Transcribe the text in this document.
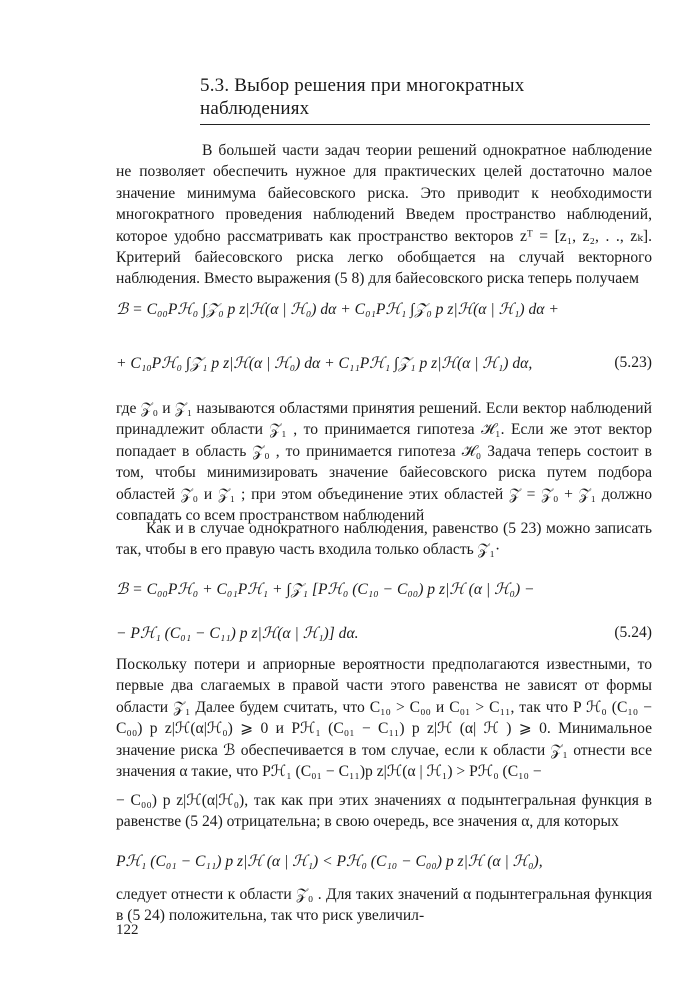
5.3. Выбор решения при многократных наблюдениях

В большей части задач теории решений однократное наблюдение не позволяет обеспечить нужное для практических целей достаточно малое значение минимума байесовского риска. Это приводит к необходимости многократного проведения наблюдений Введем пространство наблюдений, которое удобно рассматривать как пространство векторов zᵀ = [z₁, z₂, . ., zₖ]. Критерий байесовского риска легко обобщается на случай векторного наблюдения. Вместо выражения (5 8) для байесовского риска теперь получаем

ℬ = C₀₀Pℋ₀ ∫𝒵₀ p z|ℋ(α | ℋ₀) dα + C₀₁Pℋ₁ ∫𝒵₀ p z|ℋ(α | ℋ₁) dα +
+ C₁₀Pℋ₀ ∫𝒵₁ p z|ℋ(α | ℋ₀) dα + C₁₁Pℋ₁ ∫𝒵₁ p z|ℋ(α | ℋ₁) dα,	(5.23)

где 𝒵₀ и 𝒵₁ называются областями принятия решений. Если вектор наблюдений принадлежит области 𝒵₁ , то принимается гипотеза ℋ₁. Если же этот вектор попадает в область 𝒵₀ , то принимается гипотеза ℋ₀ Задача теперь состоит в том, чтобы минимизировать значение байесовского риска путем подбора областей 𝒵₀ и 𝒵₁ ; при этом объединение этих областей 𝒵 = 𝒵₀ + 𝒵₁ должно совпадать со всем пространством наблюдений

Как и в случае однократного наблюдения, равенство (5 23) можно записать так, чтобы в его правую часть входила только область 𝒵₁·

ℬ = C₀₀Pℋ₀ + C₀₁Pℋ₁ + ∫𝒵₁ [Pℋ₀ (C₁₀ − C₀₀) p z|ℋ (α | ℋ₀) −
− Pℋ₁ (C₀₁ − C₁₁) p z|ℋ(α | ℋ₁)] dα.	(5.24)

Поскольку потери и априорные вероятности предполагаются известными, то первые два слагаемых в правой части этого равенства не зависят от формы области 𝒵₁ Далее будем считать, что C₁₀ > C₀₀ и C₀₁ > C₁₁, так что P ℋ₀ (C₁₀ − C₀₀) p z|ℋ(α|ℋ₀) ⩾ 0 и Pℋ₁ (C₀₁ − C₁₁) p z|ℋ (α| ℋ ) ⩾ 0. Минимальное значение риска ℬ обеспечивается в том случае, если к области 𝒵₁ отнести все значения α такие, что Pℋ₁ (C₀₁ − C₁₁)p z|ℋ(α | ℋ₁) > Pℋ₀ (C₁₀ −

− C₀₀) p z|ℋ(α|ℋ₀), так как при этих значениях α подынтегральная функция в равенстве (5 24) отрицательна; в свою очередь, все значения α, для которых

Pℋ₁ (C₀₁ − C₁₁) p z|ℋ (α | ℋ₁) < Pℋ₀ (C₁₀ − C₀₀) p z|ℋ (α | ℋ₀),

следует отнести к области 𝒵₀ . Для таких значений α подынтегральная функция в (5 24) положительна, так что риск увеличил-

122
